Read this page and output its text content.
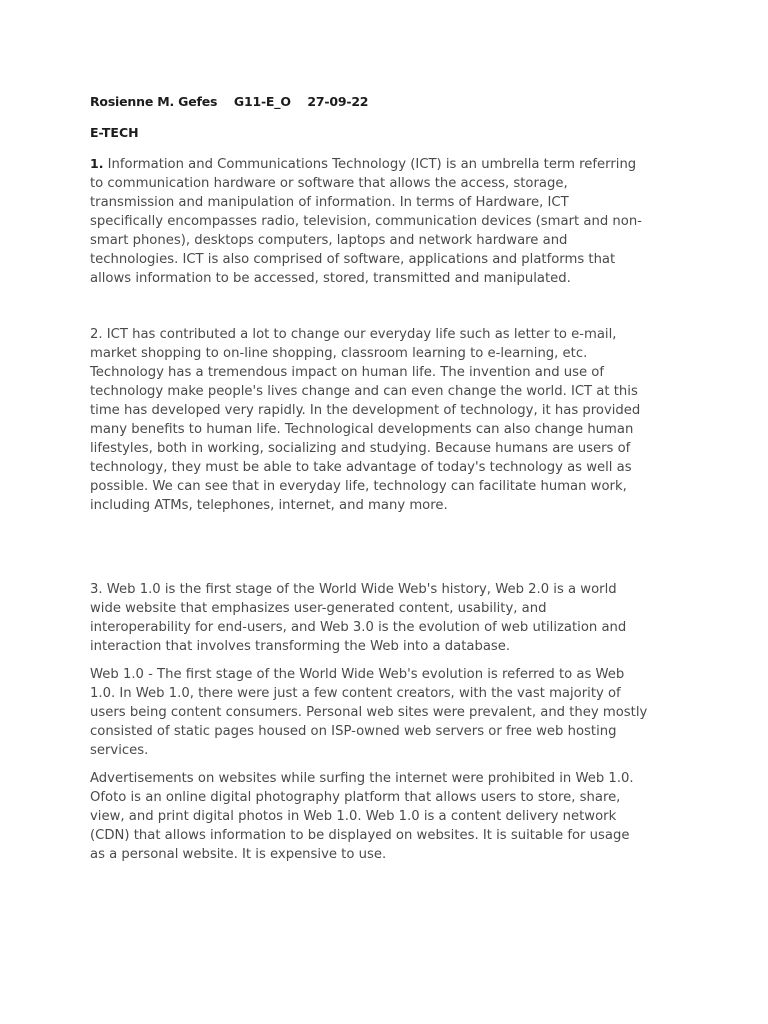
Rosienne M. Gefes    G11-E_O    27-09-22
E-TECH
1. Information and Communications Technology (ICT) is an umbrella term referring
to communication hardware or software that allows the access, storage,
transmission and manipulation of information. In terms of Hardware, ICT
specifically encompasses radio, television, communication devices (smart and non-
smart phones), desktops computers, laptops and network hardware and
technologies. ICT is also comprised of software, applications and platforms that
allows information to be accessed, stored, transmitted and manipulated.
2. ICT has contributed a lot to change our everyday life such as letter to e-mail,
market shopping to on-line shopping, classroom learning to e-learning, etc.
Technology has a tremendous impact on human life. The invention and use of
technology make people's lives change and can even change the world. ICT at this
time has developed very rapidly. In the development of technology, it has provided
many benefits to human life. Technological developments can also change human
lifestyles, both in working, socializing and studying. Because humans are users of
technology, they must be able to take advantage of today's technology as well as
possible. We can see that in everyday life, technology can facilitate human work,
including ATMs, telephones, internet, and many more.
3. Web 1.0 is the first stage of the World Wide Web's history, Web 2.0 is a world
wide website that emphasizes user-generated content, usability, and
interoperability for end-users, and Web 3.0 is the evolution of web utilization and
interaction that involves transforming the Web into a database.
Web 1.0 - The first stage of the World Wide Web's evolution is referred to as Web
1.0. In Web 1.0, there were just a few content creators, with the vast majority of
users being content consumers. Personal web sites were prevalent, and they mostly
consisted of static pages housed on ISP-owned web servers or free web hosting
services.
Advertisements on websites while surfing the internet were prohibited in Web 1.0.
Ofoto is an online digital photography platform that allows users to store, share,
view, and print digital photos in Web 1.0. Web 1.0 is a content delivery network
(CDN) that allows information to be displayed on websites. It is suitable for usage
as a personal website. It is expensive to use.
